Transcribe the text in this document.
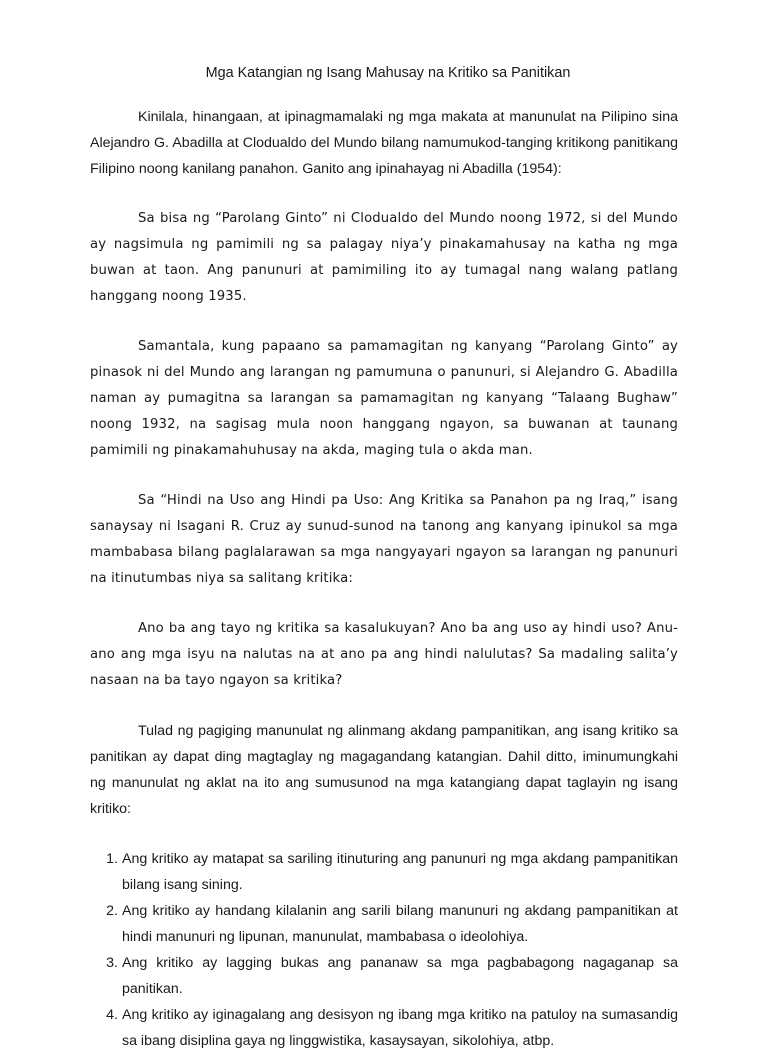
Mga Katangian ng Isang Mahusay na Kritiko sa Panitikan

Kinilala, hinangaan, at ipinagmamalaki ng mga makata at manunulat na Pilipino sina Alejandro G. Abadilla at Clodualdo del Mundo bilang namumukod-tanging kritikong panitikang Filipino noong kanilang panahon. Ganito ang ipinahayag ni Abadilla (1954):

Sa bisa ng “Parolang Ginto” ni Clodualdo del Mundo noong 1972, si del Mundo ay nagsimula ng pamimili ng sa palagay niya’y pinakamahusay na katha ng mga buwan at taon. Ang panunuri at pamimiling ito ay tumagal nang walang patlang hanggang noong 1935.

Samantala, kung papaano sa pamamagitan ng kanyang “Parolang Ginto” ay pinasok ni del Mundo ang larangan ng pamumuna o panunuri, si Alejandro G. Abadilla naman ay pumagitna sa larangan sa pamamagitan ng kanyang “Talaang Bughaw” noong 1932, na sagisag mula noon hanggang ngayon, sa buwanan at taunang pamimili ng pinakamahuhusay na akda, maging tula o akda man.

Sa “Hindi na Uso ang Hindi pa Uso: Ang Kritika sa Panahon pa ng Iraq,” isang sanaysay ni Isagani R. Cruz ay sunud-sunod na tanong ang kanyang ipinukol sa mga mambabasa bilang paglalarawan sa mga nangyayari ngayon sa larangan ng panunuri na itinutumbas niya sa salitang kritika:

Ano ba ang tayo ng kritika sa kasalukuyan? Ano ba ang uso ay hindi uso? Anu-ano ang mga isyu na nalutas na at ano pa ang hindi nalulutas? Sa madaling salita’y nasaan na ba tayo ngayon sa kritika?

Tulad ng pagiging manunulat ng alinmang akdang pampanitikan, ang isang kritiko sa panitikan ay dapat ding magtaglay ng magagandang katangian. Dahil ditto, iminumungkahi ng manunulat ng aklat na ito ang sumusunod na mga katangiang dapat taglayin ng isang kritiko:

1. Ang kritiko ay matapat sa sariling itinuturing ang panunuri ng mga akdang pampanitikan bilang isang sining.
2. Ang kritiko ay handang kilalanin ang sarili bilang manunuri ng akdang pampanitikan at hindi manunuri ng lipunan, manunulat, mambabasa o ideolohiya.
3. Ang kritiko ay lagging bukas ang pananaw sa mga pagbabagong nagaganap sa panitikan.
4. Ang kritiko ay iginagalang ang desisyon ng ibang mga kritiko na patuloy na sumasandig sa ibang disiplina gaya ng linggwistika, kasaysayan, sikolohiya, atbp.
